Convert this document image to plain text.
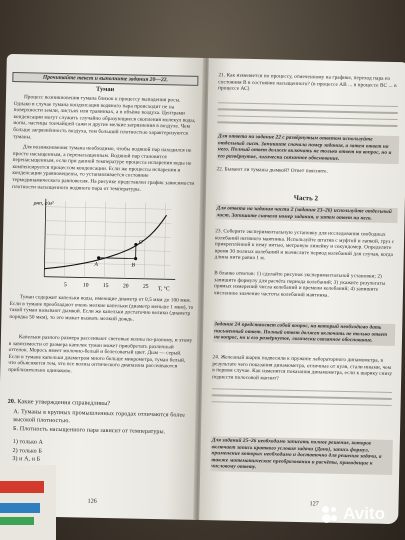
Прочитайте текст и выполните задания 20—22.
Туман
Процесс возникновения тумана близок к процессу выпадения росы. Однако в случае тумана конденсация водяного пара происходит не на поверхности земли, листьях или травинках, а в объёме воздуха. Центрами конденсации могут служить случайно образующиеся скопления молекул воды, ионы, частицы тончайшей сажи и другие мелкие загрязнения в воздухе. Чем больше загрязнённость воздуха, тем больший плотностью характеризуются туманы.
Для возникновения тумана необходимо, чтобы водяной пар находился не просто насыщенным, а перенасыщенным. Водяной пар становится перенасыщенным, если при данной температуре процесса испарения воды не компенсируется процессом конденсации. Если же процессы испарения и конденсации уравновешены, то устанавливается состояние термодинамического равновесия. На рисунке представлен график зависимости плотности насыщенного водяного пара от температуры.
ρнп, г/м³
T, °C
5	10	15	20	25
A	B
C
Туман содержит капельки воды, имеющие диаметр от 0,5 мкм до 100 мкм. Если в тумане преобладают очень мелкие капельки (диаметр меньше 1 мкм), то такой туман называют дымкой. Если же капельки достаточно велики (диаметр порядка 50 мкм), то это может вызвать мелкий дождь.
Капельки разного размера рассеивают световые волны по-разному, и этому в зависимости от размера капелек туман может приобретать различный оттенок. Морось имеет молочно-белый и белесоватый цвет. Дым — серый. Если в тумане капельки диаметром много больше микрометра, туман белый, что объясняется тем, что все волны оптического диапазона рассеиваются приблизительно одинаково.
20. Какие утверждения справедливы?
А. Туманы в крупных промышленных городах отличаются более высокой плотностью.
Б. Плотность насыщенного пара зависит от температуры.
1) только А
2) только Б
3) и А, и Б
126
21. Как изменяется по процессу, отмеченному на графике, переход пара из состояния В в состояние насыщенного? (в процессе АВ ... в процессе ВС ... в процессе АС)
Для ответа на задание 22 с развёрнутым ответом используйте отдельный лист. Запишите сначала номер задания, а затем ответ на него. Полный ответ должен включать не только ответ на вопрос, но и его развёрнутое, логически связанное обоснование.
22. Бывают ли туманы дымкой? Ответ поясните.
Часть 2
Для ответа на задания части 2 (задания 23–26) используйте отдельный лист. Запишите сначала номер задания, а затем ответ на него.
23. Соберите экспериментальную установку для исследования свободных колебаний нитяного маятника. Используйте штатив с муфтой и лапкой, груз с прикреплённой к нему нитью, метровую линейку и секундомер. Определите время 30 полных колебаний и вычислите период колебаний для случая, когда длина нити равна 1 м.
В бланке ответов: 1) сделайте рисунок экспериментальной установки; 2) запишите формулу для расчёта периода колебаний; 3) укажите результаты прямых измерений числа колебаний и времени колебаний; 4) запишите численное значение частоты колебаний маятника.
Задание 24 представляет собой вопрос, на который необходимо дать письменный ответ. Полный ответ должен включать не только ответ на вопрос, но и его развёрнутое, логически связанное обоснование.
24. Железный шарик подвесили к пружине лабораторного динамометра, в результате чего показания динамометра, отличные от нуля, стали иными, чем в первом случае. Как изменятся показания динамометра, если к шарику снизу поднести полосовой магнит?
Для заданий 25–26 необходимо записать полное решение, которое включает запись краткого условия задачи (Дано), запись формул, применение которых необходимо и достаточно для решения задачи, а также математические преобразования и расчёты, приводящие к числовому ответу.
127
Avito
